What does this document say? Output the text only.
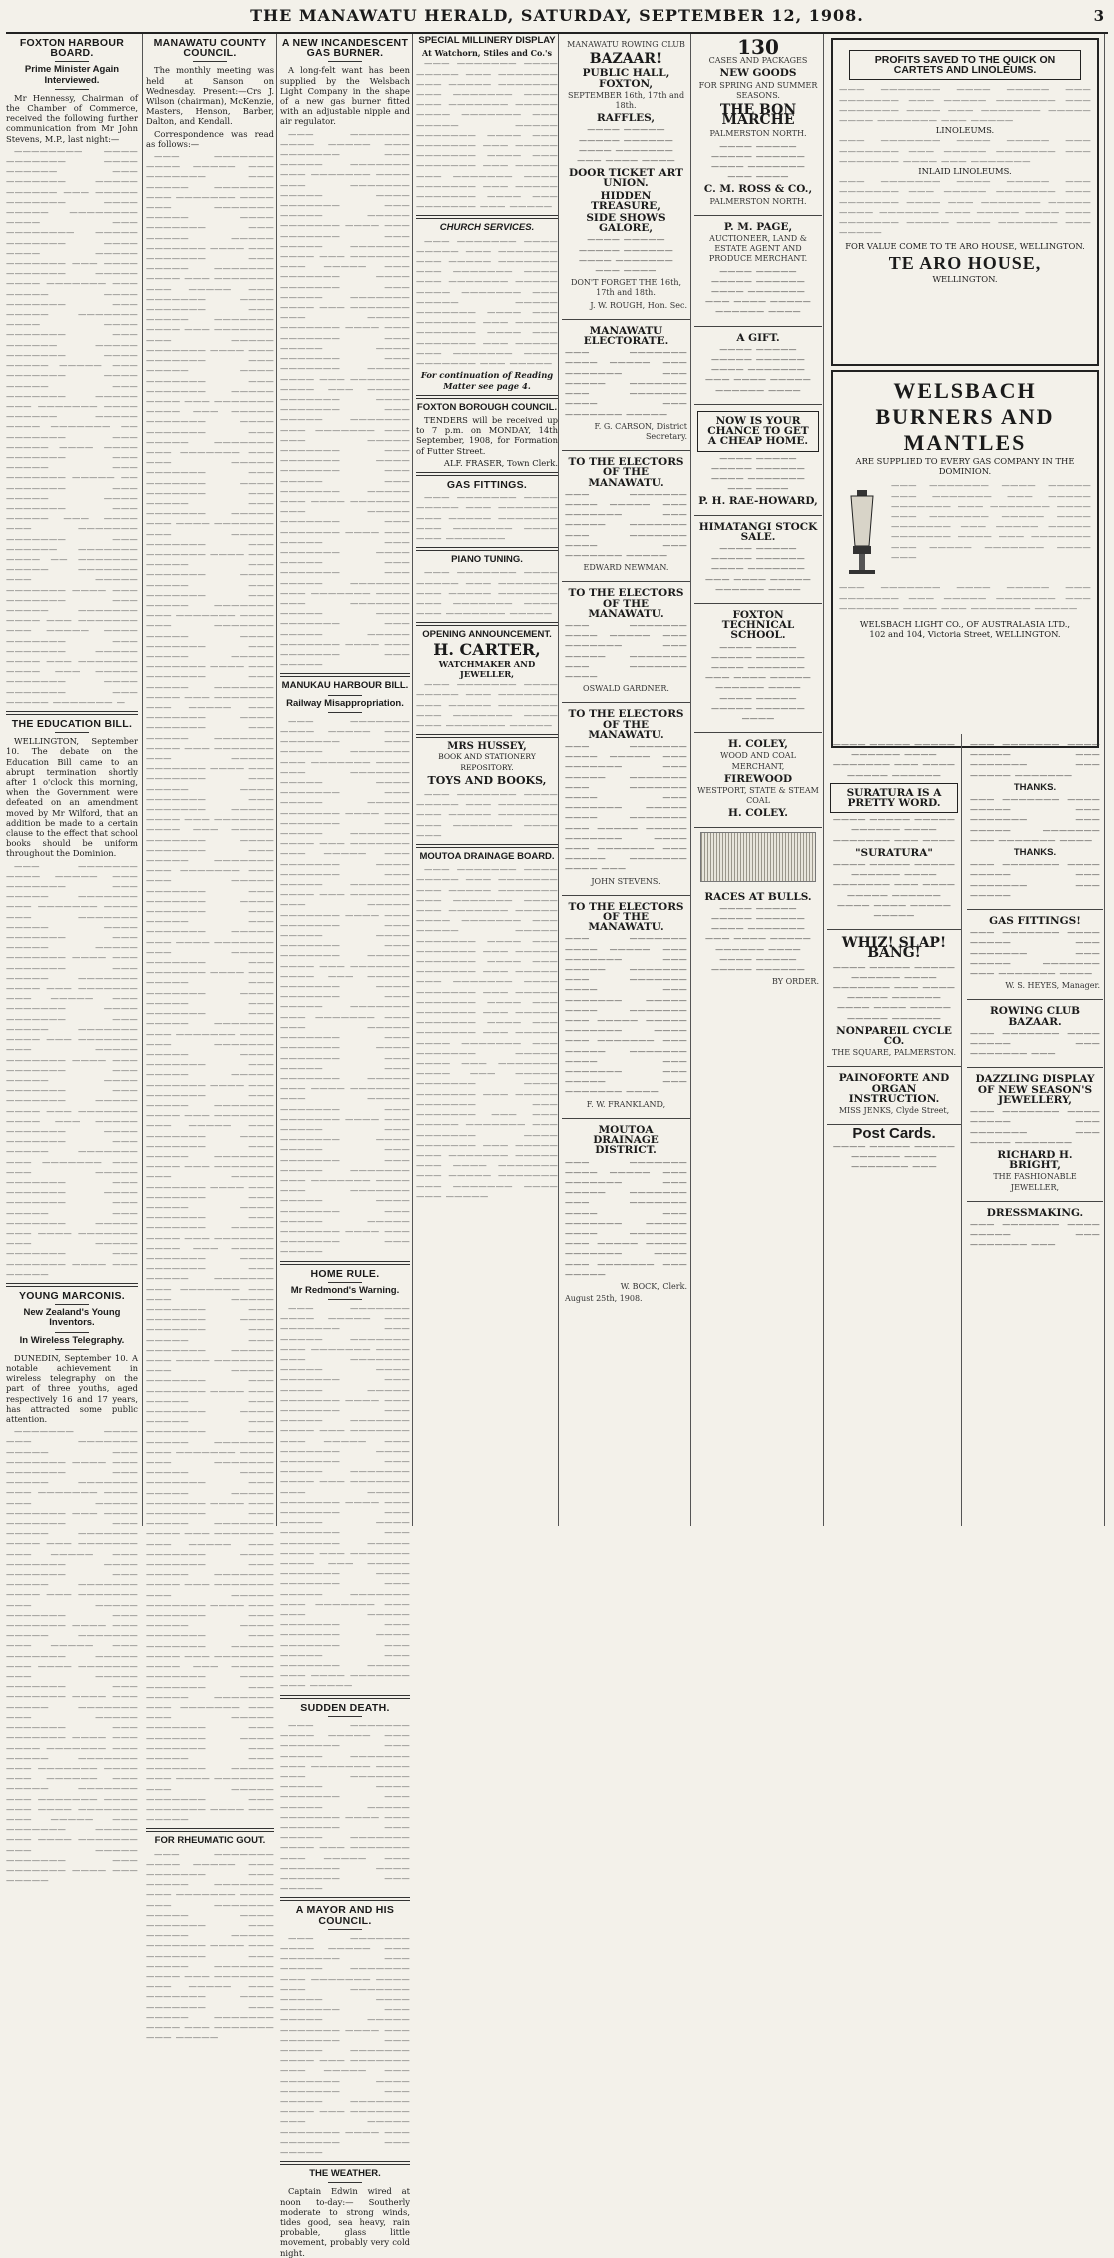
THE MANAWATU HERALD, SATURDAY, SEPTEMBER 12, 1908.	3
FOXTON HARBOUR BOARD.
Prime Minister Again Interviewed.

Mr Hennessy, Chairman of the Chamber of Commerce, received the following further communication from Mr John Stevens, M.P., last night:—

———————— ———— ——————— ———— —————— ——— ——————— ————— —————— ——— ————— ——————— ———— ————— ———————— ———— ——— ———————— ————— ——————— ———— ———— ————— ——————— ——— ———— ——————— ————— ———— ——————— ——— ————— ———— ——————— ——— ————— ——————— ———— ———— ——————— ——— —————— ————— ——————— ———— ————— ————— ——— ——————— ———— ————— ——— ——————— ————— ——— ——————— ———— —————— ————— ———— ——————— —— ——————— ——— ————— ———— ———— ——————— ——— ————— ——— ——————— ————— —— ——————— ——— ————— ———— ——————— ——— ————— ——— ———— ——— ——————— ——————— ——— —————— ——————— ———— —— ——————— ————— ——————— ——— ————— ——————— ———— ——— ——————— ——— ————— ——————— ———— ——— ——————— ——— ————— ———— ——————— ——— ——————— ————— ———— ——— ——————— ———— ——— ————— ——————— ———— ——————— ——— ————— ——————— —

THE EDUCATION BILL.

WELLINGTON, September 10. The debate on the Education Bill came to an abrupt termination shortly after 1 o'clock this morning, when the Government were defeated on an amendment moved by Mr Wilford, that an addition be made to a certain clause to the effect that school books should be uniform throughout the Dominion.

——— ——————— ———— ————— ——— ——————— ——— ————— ——————— ——— ——————— ———— ——— ——————— ————— ———— ——————— ——— ————— ————— ——————— ———— ——— ——————— ——— ————— ——————— ———— ——— ——————— ——— ————— ——— ——————— ———— ——————— ——— ————— ——————— ———— ——— ——————— ——— ————— ——————— ———— ——— ——————— ——— ————— ———— ——————— ——— ——————— ————— ———— ——— ——————— ———— ——— ————— ——————— ———— ——————— ——— ————— ——————— ——— ——————— ——— ——— ————— ——————— ——— ——————— ———— ——————— ——— ————— ——— ——————— ————— ——— ———— ——————— ——— ————— ——————— ——— ——————— ———— ——— —————

YOUNG MARCONIS.
New Zealand's Young Inventors.
In Wireless Telegraphy.

DUNEDIN, September 10. A notable achievement in wireless telegraphy on the part of three youths, aged respectively 16 and 17 years, has attracted some public attention.

——————— ———— ——— ——————— ————— ——— ——————— ———— ——— ——————— ——— ————— ——————— ——— ——————— ———— ——— ————— ——————— ——— ———— ——————— ——— ————— ——————— ———— ——— ——————— ——— ————— ——— ——————— ———— ——————— ——— ————— ——————— ———— ——— ——————— ——— ————— ——————— ——— ——————— ———— ——— ————— ——————— ——— ————— ——— ——————— ————— ——— ———— ——————— ——— ————— ——————— ——— ——————— ———— ——— ————— ——————— ——— ————— ——————— ——— ——————— ———— ——— ———— ——————— ——— ————— ——————— ——— ——————— ———— ——— —————— ——— ————— ——————— ——— ——————— ———— ——— ———— ——————— ——— ————— ——— ——————— ————— ——— ———— ——————— ——— ————— ——————— ——— ——————— ———— ——— —————

MANAWATU COUNTY COUNCIL.

The monthly meeting was held at Sanson on Wednesday. Present:—Crs J. Wilson (chairman), McKenzie, Masters, Henson, Barber, Dalton, and Kendall.

Correspondence was read as follows:—

——— ——————— ———— ————— ——— ——————— ——— ————— ——————— ——— ——————— ———— ——— ——————— ————— ———— ——————— ——— ————— ————— ——————— ———— ——— ——————— ——— ————— ——————— ———— ——— ——————— ——— ————— ——— ——————— ———— ——————— ——— ————— ——————— ———— ——— ——————— ——— ————— ——————— ———— ——— ——————— ——— ————— ———— ——————— ——— ——————— ————— ———— ——— ——————— ———— ——— ————— ——————— ———— ——————— ——— ————— ——————— ——— ——————— ——— ——— ————— ——————— ——— ——————— ———— ——————— ——— ————— ——— ——————— ————— ——— ———— ——————— ——— ————— ——————— ——— ——————— ———— ——— ————— ——— ——————— ———— ————— ——— ——————— ——— ————— ——————— ——— ——————— ———— ——— ——————— ————— ———— ——————— ——— ————— ————— ——————— ———— ——— ——————— ——— ————— ——————— ———— ——— ——————— ——— ————— ——— ——————— ———— ——————— ——— ————— ——————— ———— ——— ——————— ——— ————— ——————— ———— ——— ——————— ——— ————— ———— ——————— ——— ——————— ————— ———— ——— ——————— ———— ——— ————— ——————— ———— ——————— ——— ————— ——————— ——— ——————— ——— ——— ————— ——————— ——— ——————— ———— ——————— ——— ————— ——— ——————— ————— ——— ———— ——————— ——— ————— ——————— ——— ——————— ———— ——— ————— ——— ——————— ———— ————— ——— ——————— ——— ————— ——————— ——— ——————— ———— ——— ——————— ————— ———— ——————— ——— ————— ————— ——————— ———— ——— ——————— ——— ————— ——————— ———— ——— ——————— ——— ————— ——— ——————— ———— ——————— ——— ————— ——————— ———— ——— ——————— ——— ————— ——————— ———— ——— ——————— ——— ————— ———— ——————— ——— ——————— ————— ———— ——— ——————— ———— ——— ————— ——————— ———— ——————— ——— ————— ——————— ——— ——————— ——— ——— ————— ——————— ——— ——————— ———— ——————— ——— ————— ——— ——————— ————— ——— ———— ——————— ——— ————— ——————— ——— ——————— ———— ——— ————— ——— ——————— ———— ————— ——— ——————— ——— ————— ——————— ——— ——————— ———— ——— ——————— ————— ———— ——————— ——— ————— ————— ——————— ———— ——— ——————— ——— ————— ——————— ———— ——— ——————— ——— ————— ——— ——————— ———— ——————— ——— ————— ——————— ———— ——— ——————— ——— ————— ——————— ———— ——— ——————— ——— ————— ———— ——————— ——— ——————— ————— ———— ——— ——————— ———— ——— ————— ——————— ———— ——————— ——— ————— ——————— ——— ——————— ——— ——— ————— ——————— ——— ——————— ———— ——————— ——— ————— ——— ——————— ————— ——— ———— ——————— ——— ————— ——————— ——— ——————— ———— ——— —————

FOR RHEUMATIC GOUT.

——— ——————— ———— ————— ——— ——————— ——— ————— ——————— ——— ——————— ———— ——— ——————— ————— ———— ——————— ——— ————— ————— ——————— ———— ——— ——————— ——— ————— ——————— ———— ——— ——————— ——— ————— ——— ——————— ———— ——————— ——— ————— ——————— ———— ——— ——————— ——— —————

A NEW INCANDESCENT GAS BURNER.

A long-felt want has been supplied by the Welsbach Light Company in the shape of a new gas burner fitted with an adjustable nipple and air regulator.

——— ——————— ———— ————— ——— ——————— ——— ————— ——————— ——— ——————— ———— ——— ——————— ————— ———— ——————— ——— ————— ————— ——————— ———— ——— ——————— ——— ————— ——————— ———— ——— ——————— ——— ————— ——— ——————— ———— ——————— ——— ————— ——————— ———— ——— ——————— ——— ————— ——————— ———— ——— ——————— ——— ————— ———— ——————— ——— ——————— ————— ———— ——— ——————— ———— ——— ————— ——————— ———— ——————— ——— ————— ——————— ——— ——————— ——— ——— ————— ——————— ——— ——————— ———— ——————— ——— ————— ——— ——————— ————— ——— ———— ——————— ——— ————— ——————— ——— ——————— ———— ——— ————— ——— ——————— ———— ————— ——— ——————— ——— ————— ——————— ——— ——————— ———— ——— ——————— ————— ———— ——————— ——— ————— ————— ——————— ———— ——— ——————— ——— —————

MANUKAU HARBOUR BILL.
Railway Misappropriation.

——— ——————— ———— ————— ——— ——————— ——— ————— ——————— ——— ——————— ———— ——— ——————— ————— ———— ——————— ——— ————— ————— ——————— ———— ——— ——————— ——— ————— ——————— ———— ——— ——————— ——— ————— ——— ——————— ———— ——————— ——— ————— ——————— ———— ——— ——————— ——— ————— ——————— ———— ——— ——————— ——— ————— ———— ——————— ——— ——————— ————— ———— ——— ——————— ———— ——— ————— ——————— ———— ——————— ——— ————— ——————— ——— ——————— ——— ——— ————— ——————— ——— ——————— ———— ——————— ——— ————— ——— ——————— ————— ——— ———— ——————— ——— ————— ——————— ——— ——————— ———— ——— ————— ——— ——————— ———— ————— ——— ——————— ——— ————— ——————— ——— ——————— ———— ——— ——————— ————— ———— ——————— ——— ————— ————— ——————— ———— ——— ——————— ——— —————

HOME RULE.
Mr Redmond's Warning.

——— ——————— ———— ————— ——— ——————— ——— ————— ——————— ——— ——————— ———— ——— ——————— ————— ———— ——————— ——— ————— ————— ——————— ———— ——— ——————— ——— ————— ——————— ———— ——— ——————— ——— ————— ——— ——————— ———— ——————— ——— ————— ——————— ———— ——— ——————— ——— ————— ——————— ———— ——— ——————— ——— ————— ———— ——————— ——— ——————— ————— ———— ——— ——————— ———— ——— ————— ——————— ———— ——————— ——— ————— ——————— ——— ——————— ——— ——— ————— ——————— ——— ——————— ———— ——————— ——— ————— ——— ——————— ————— ——— ———— ——————— ——— —————

SUDDEN DEATH.

——— ——————— ———— ————— ——— ——————— ——— ————— ——————— ——— ——————— ———— ——— ——————— ————— ———— ——————— ——— ————— ————— ——————— ———— ——— ——————— ——— ————— ——————— ———— ——— ——————— ——— ————— ——— ——————— ———— ——————— ——— —————

A MAYOR AND HIS COUNCIL.

——— ——————— ———— ————— ——— ——————— ——— ————— ——————— ——— ——————— ———— ——— ——————— ————— ———— ——————— ——— ————— ————— ——————— ———— ——— ——————— ——— ————— ——————— ———— ——— ——————— ——— ————— ——— ——————— ———— ——————— ——— ————— ——————— ———— ——— ——————— ——— ————— ——————— ———— ——— ——————— ——— —————

THE WEATHER.

Captain Edwin wired at noon to-day:— Southerly moderate to strong winds, tides good, sea heavy, rain probable, glass little movement, probably very cold night.

SPECIAL MILLINERY DISPLAY
At Watchorn, Stiles and Co.'s

——— ——————— ———— ————— ——— ——————— ——— ————— ——————— ——— ——————— ———— ——— ——————— ————— ———— ——————— ——— ————— ————— ——————— ———— ——— ——————— ——— ————— ——————— ———— ——— ——————— ——— ————— ——— ——————— ———— ——————— ——— ————— ——————— ———— ——— ——————— ——— —————

CHURCH SERVICES.

——— ——————— ———— ————— ——— ——————— ——— ————— ——————— ——— ——————— ———— ——— ——————— ————— ———— ——————— ——— ————— ————— ——————— ———— ——— ——————— ——— ————— ——————— ———— ——— ——————— ——— ————— ——— ——————— ———— ——————— ——— —————

For continuation of Reading Matter see page 4.
FOXTON BOROUGH COUNCIL.

TENDERS will be received up to 7 p.m. on MONDAY, 14th September, 1908, for Formation of Futter Street.

ALF. FRASER, Town Clerk.
GAS FITTINGS.

——— ——————— ———— ————— ——— ——————— ——— ————— ——————— ——— ——————— ———— ——— ———————

PIANO TUNING.

——— ——————— ———— ————— ——— ——————— ——— ————— ——————— ——— ——————— ———— ——— ——————— —————

OPENING ANNOUNCEMENT.
H. CARTER,
WATCHMAKER AND JEWELLER,

——— ——————— ———— ————— ——— ——————— ——— ————— ——————— ——— ——————— ———— ——— ——————— —————

MRS HUSSEY,
BOOK AND STATIONERY REPOSITORY.
TOYS AND BOOKS,

——— ——————— ———— ————— ——— ——————— ——— ————— ——————— ——— ——————— ———— ———

MOUTOA DRAINAGE BOARD.

——— ——————— ———— ————— ——— ——————— ——— ————— ——————— ——— ——————— ———— ——— ——————— ————— ———— ——————— ——— ————— ————— ——————— ———— ——— ——————— ——— ————— ——————— ———— ——— ——————— ——— ————— ——— ——————— ———— ——————— ——— ————— ——————— ———— ——— ——————— ——— ————— ——————— ———— ——— ——————— ——— ————— ———— ——————— ——— ——————— ————— ———— ——— ——————— ———— ——— ————— ——————— ———— ——————— ——— ————— ——————— ——— ——————— ——— ——— ————— ——————— ——— ——————— ———— ——————— ——— ————— ——— ——————— ————— ——— ———— ——————— ——— ————— ——————— ——— ——————— ———— ——— —————

MANAWATU ROWING CLUB
BAZAAR!
PUBLIC HALL, FOXTON,
SEPTEMBER 16th, 17th and 18th.
RAFFLES,
———— ————— ————— —————— ———— ——————— ——— ———— ————
DOOR TICKET ART UNION.
HIDDEN TREASURE,
SIDE SHOWS GALORE,
———— ————— ————— —————— ———— ——————— ——— ————
DON'T FORGET THE 16th, 17th and 18th.
J. W. ROUGH, Hon. Sec.
MANAWATU ELECTORATE.
——— ——————— ———— ————— ——— ——————— ——— ————— ——————— ——— ——————— ———— ——— ——————— —————
F. G. CARSON, District Secretary.
TO THE ELECTORS OF THE MANAWATU.
——— ——————— ———— ————— ——— ——————— ——— ————— ——————— ——— ——————— ———— ——— ——————— —————
EDWARD NEWMAN.
TO THE ELECTORS OF THE MANAWATU.
——— ——————— ———— ————— ——— ——————— ——— ————— ——————— ——— ——————— ————
OSWALD GARDNER.
TO THE ELECTORS OF THE MANAWATU.
——— ——————— ———— ————— ——— ——————— ——— ————— ——————— ——— ——————— ———— ——— ——————— ————— ———— ——————— ——— ————— ————— ——————— ———— ——— ——————— ——— ————— ——————— ———— ———
JOHN STEVENS.
TO THE ELECTORS OF THE MANAWATU.
——— ——————— ———— ————— ——— ——————— ——— ————— ——————— ——— ——————— ———— ——— ——————— ————— ———— ——————— ——— ————— ————— ——————— ———— ——— ——————— ——— ————— ——————— ———— ——— ——————— ——— ————— ——— ——————— ————
F. W. FRANKLAND,
MOUTOA DRAINAGE DISTRICT.
——— ——————— ———— ————— ——— ——————— ——— ————— ——————— ——— ——————— ———— ——— ——————— ————— ———— ——————— ——— ————— ————— ——————— ———— ——— ——————— ——— —————
W. BOCK, Clerk.
August 25th, 1908.
130
CASES AND PACKAGES
NEW GOODS
FOR SPRING AND SUMMER SEASONS.
THE BON MARCHE
PALMERSTON NORTH.
———— ————— ————— —————— ———— ——————— ——— ————
C. M. ROSS & CO.,
PALMERSTON NORTH.
P. M. PAGE,
AUCTIONEER, LAND & ESTATE AGENT AND PRODUCE MERCHANT.
———— ————— ————— —————— ———— ——————— ——— ———— ————— —————— ————
A GIFT.
———— ————— ————— —————— ———— ——————— ——— ———— ————— —————— ————
NOW IS YOUR CHANCE TO GET A CHEAP HOME.
———— ————— ————— —————— ———— ——————— ——— ————
P. H. RAE-HOWARD,
HIMATANGI STOCK SALE.
———— ————— ————— —————— ———— ——————— ——— ———— ————— —————— ————
FOXTON TECHNICAL SCHOOL.
———— ————— ————— —————— ———— ——————— ——— ———— ————— —————— ———— ———— ————— ————— —————— ————
H. COLEY,
WOOD AND COAL MERCHANT,
FIREWOOD
WESTPORT, STATE & STEAM COAL
H. COLEY.
RACES AT BULLS.
———— ————— ————— —————— ———— ——————— ——— ———— ————— —————— ———— ———— ————— ————— ——————
BY ORDER.
PROFITS SAVED TO THE QUICK ON CARTETS AND LINOLEUMS.
——— ——————— ———— ————— ——— ——————— ——— ————— ——————— ——— ——————— ———— ——— ——————— ————— ———— ——————— ——— —————
LINOLEUMS.
——— ——————— ———— ————— ——— ——————— ——— ————— ——————— ——— ——————— ———— ——— ———————
INLAID LINOLEUMS.
——— ——————— ———— ————— ——— ——————— ——— ————— ——————— ——— ——————— ———— ——— ——————— ————— ———— ——————— ——— ————— ———— ——— ——————— ————— ———— ——————— ——— —————
FOR VALUE COME TO TE ARO HOUSE, WELLINGTON.
TE ARO HOUSE,
WELLINGTON.
WELSBACH BURNERS AND MANTLES
ARE SUPPLIED TO EVERY GAS COMPANY IN THE DOMINION.
——— ——————— ———— ————— ——— ——————— ——— ————— ——————— ——— ——————— ———— ——— ——————— ————— ———— ——————— ——— ————— ————— ——————— ———— ——— ——————— ——— ————— ——————— ———— ———
——— ——————— ———— ————— ——— ——————— ——— ————— ——————— ——— ——————— ———— ——— ——————— —————
WELSBACH LIGHT CO., OF AUSTRALASIA LTD.,
102 and 104, Victoria Street, WELLINGTON.
———— ————— ————— —————— ———— ——————— ——— ———— ————— ——————
SURATURA IS A PRETTY WORD.
———— ————— ————— —————— ———— ——————— ——— ————
"SURATURA"
———— ————— ————— —————— ———— ——————— ——— ———— ————— —————— ———— ———— ————— —————
WHIZ! SLAP! BANG!
———— ————— ————— —————— ———— ——————— ——— ———— ————— —————— ———— ———— ————— ————— ——————
NONPAREIL CYCLE CO.
THE SQUARE, PALMERSTON.
PAINOFORTE AND ORGAN INSTRUCTION.
MISS JENKS, Clyde Street,
Post Cards.
———— ————— ————— —————— ———— ——————— ———
——— ——————— ———— ————— ——— ——————— ——— ————— ———————
THANKS.
——— ——————— ———— ————— ——— ——————— ——— ————— ——————— ——— ——————— ————
THANKS.
——— ——————— ———— ————— ——— ——————— ——— —————
GAS FITTINGS!
——— ——————— ———— ————— ——— ——————— ——— ————— ——————— ——— ——————— ————
W. S. HEYES, Manager.
ROWING CLUB BAZAAR.
——— ——————— ———— ————— ——— ——————— ———
DAZZLING DISPLAY OF NEW SEASON'S JEWELLERY,
——— ——————— ———— ————— ——— ——————— ——— ————— ———————
RICHARD H. BRIGHT,
THE FASHIONABLE JEWELLER,
DRESSMAKING.
——— ——————— ———— ————— ——— ——————— ———
